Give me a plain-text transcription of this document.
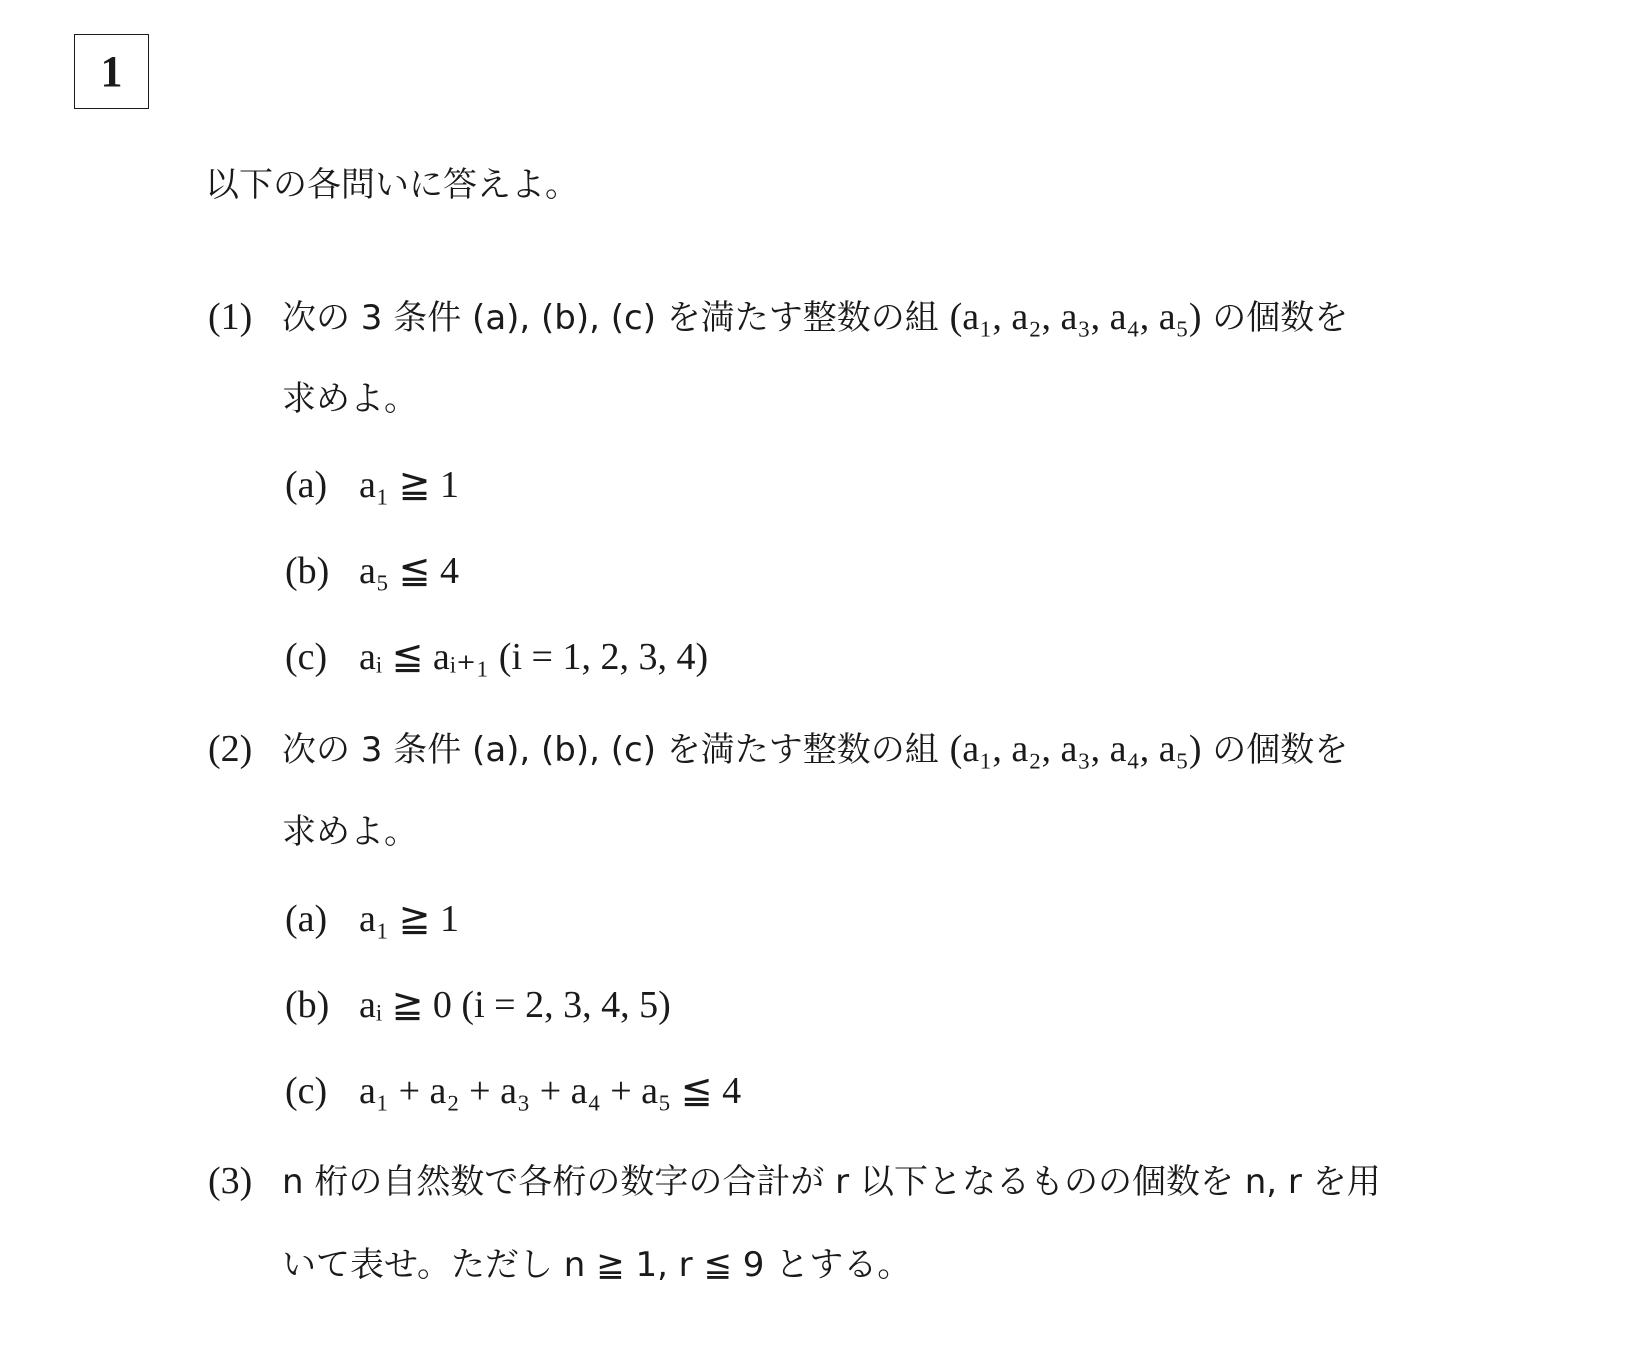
1
以下の各問いに答えよ。
(1) 次の 3 条件 (a), (b), (c) を満たす整数の組 (a₁, a₂, a₃, a₄, a₅) の個数を
求めよ。
(a) a₁ ≧ 1
(b) a₅ ≦ 4
(c) aᵢ ≦ aᵢ₊₁ (i = 1, 2, 3, 4)
(2) 次の 3 条件 (a), (b), (c) を満たす整数の組 (a₁, a₂, a₃, a₄, a₅) の個数を
求めよ。
(a) a₁ ≧ 1
(b) aᵢ ≧ 0 (i = 2, 3, 4, 5)
(c) a₁ + a₂ + a₃ + a₄ + a₅ ≦ 4
(3) n 桁の自然数で各桁の数字の合計が r 以下となるものの個数を n, r を用
いて表せ。ただし n ≧ 1, r ≦ 9 とする。
